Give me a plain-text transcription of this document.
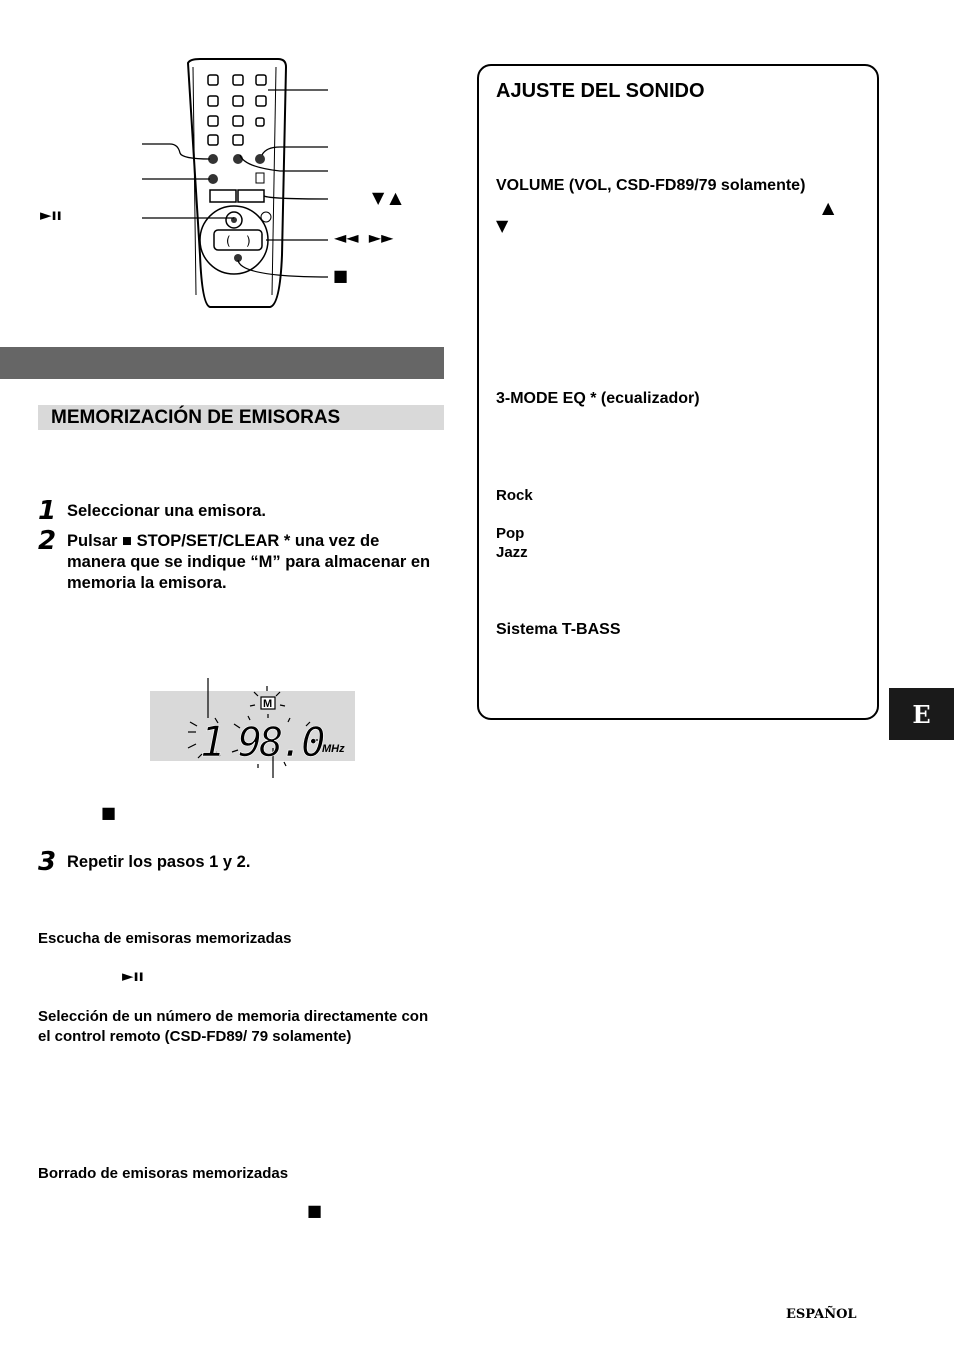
( )
►ıı
▼ ▲
◄◄  ►►
■
MEMORIZACIÓN DE EMISORAS
1 Seleccionar una emisora.
2 Pulsar ■ STOP/SET/CLEAR * una vez de manera que se indique “M” para almacenar en memoria la emisora.
1 98.0
M
MHz
■
3 Repetir los pasos 1 y 2.
Escucha de emisoras memorizadas
►ıı
Selección de un número de memoria directamente con el control remoto (CSD-FD89/ 79 solamente)
Borrado de emisoras memorizadas
■
AJUSTE DEL SONIDO
VOLUME (VOL, CSD-FD89/79 solamente)
▲
▼
3-MODE EQ * (ecualizador)
Rock
Pop
Jazz
Sistema T-BASS
E
ESPAÑOL
